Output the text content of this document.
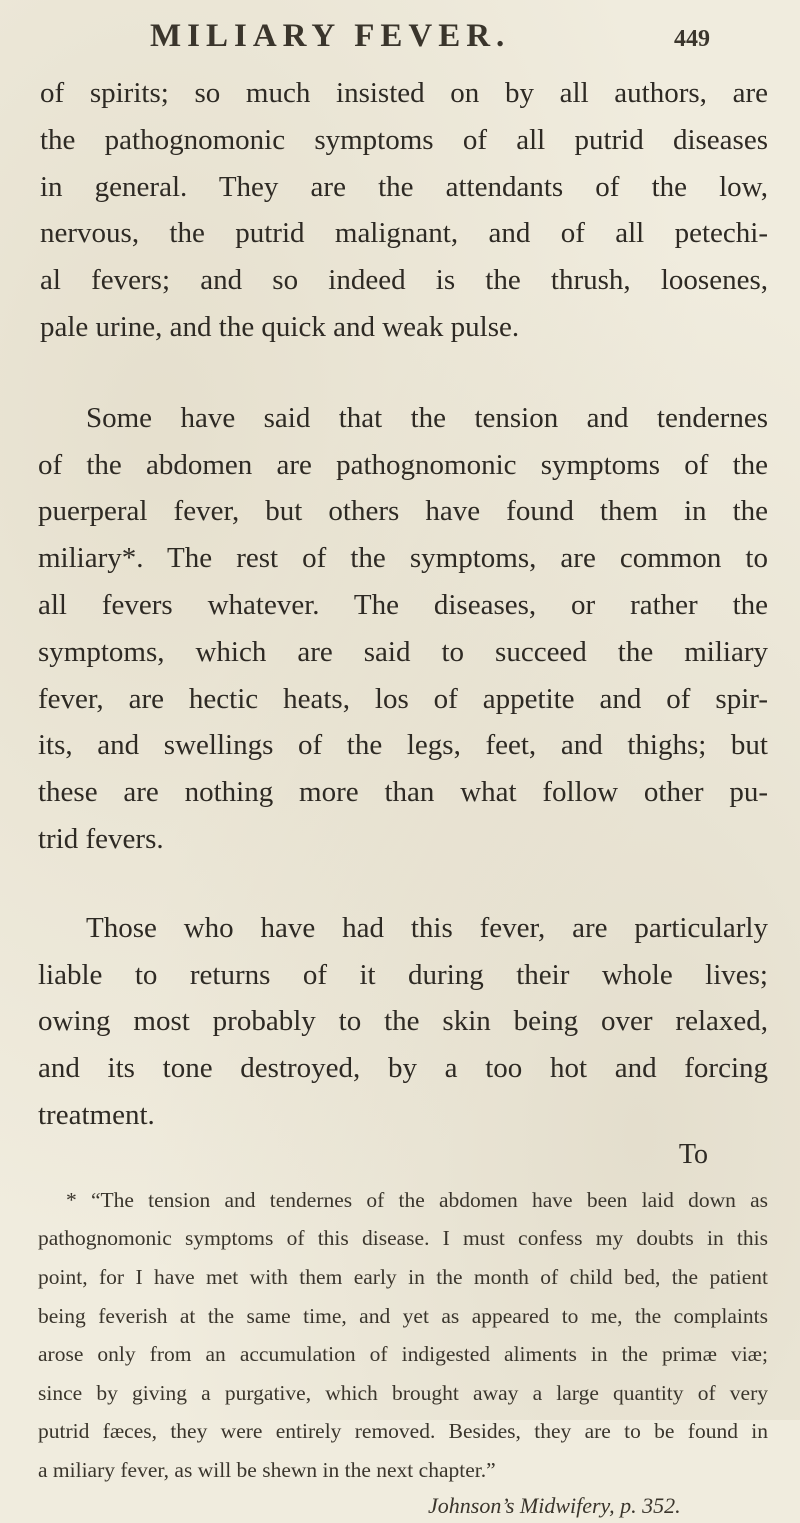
MILIARY FEVER.	449

of spirits; so much insisted on by all authors, are
the pathognomonic symptoms of all putrid diseases
in general. They are the attendants of the low,
nervous, the putrid malignant, and of all petechi-
al fevers; and so indeed is the thrush, loosenes,
pale urine, and the quick and weak pulse.

Some have said that the tension and tendernes
of the abdomen are pathognomonic symptoms of the
puerperal fever, but others have found them in the
miliary*. The rest of the symptoms, are common to
all fevers whatever. The diseases, or rather the
symptoms, which are said to succeed the miliary
fever, are hectic heats, los of appetite and of spir-
its, and swellings of the legs, feet, and thighs; but
these are nothing more than what follow other pu-
trid fevers.

Those who have had this fever, are particularly
liable to returns of it during their whole lives;
owing most probably to the skin being over relaxed,
and its tone destroyed, by a too hot and forcing
treatment.

To
* “The tension and tendernes of the abdomen have been laid down as
pathognomonic symptoms of this disease. I must confess my doubts in this
point, for I have met with them early in the month of child bed, the patient
being feverish at the same time, and yet as appeared to me, the complaints
arose only from an accumulation of indigested aliments in the primæ viæ;
since by giving a purgative, which brought away a large quantity of very
putrid fæces, they were entirely removed. Besides, they are to be found in
a miliary fever, as will be shewn in the next chapter.”
Johnson’s Midwifery, p. 352.
